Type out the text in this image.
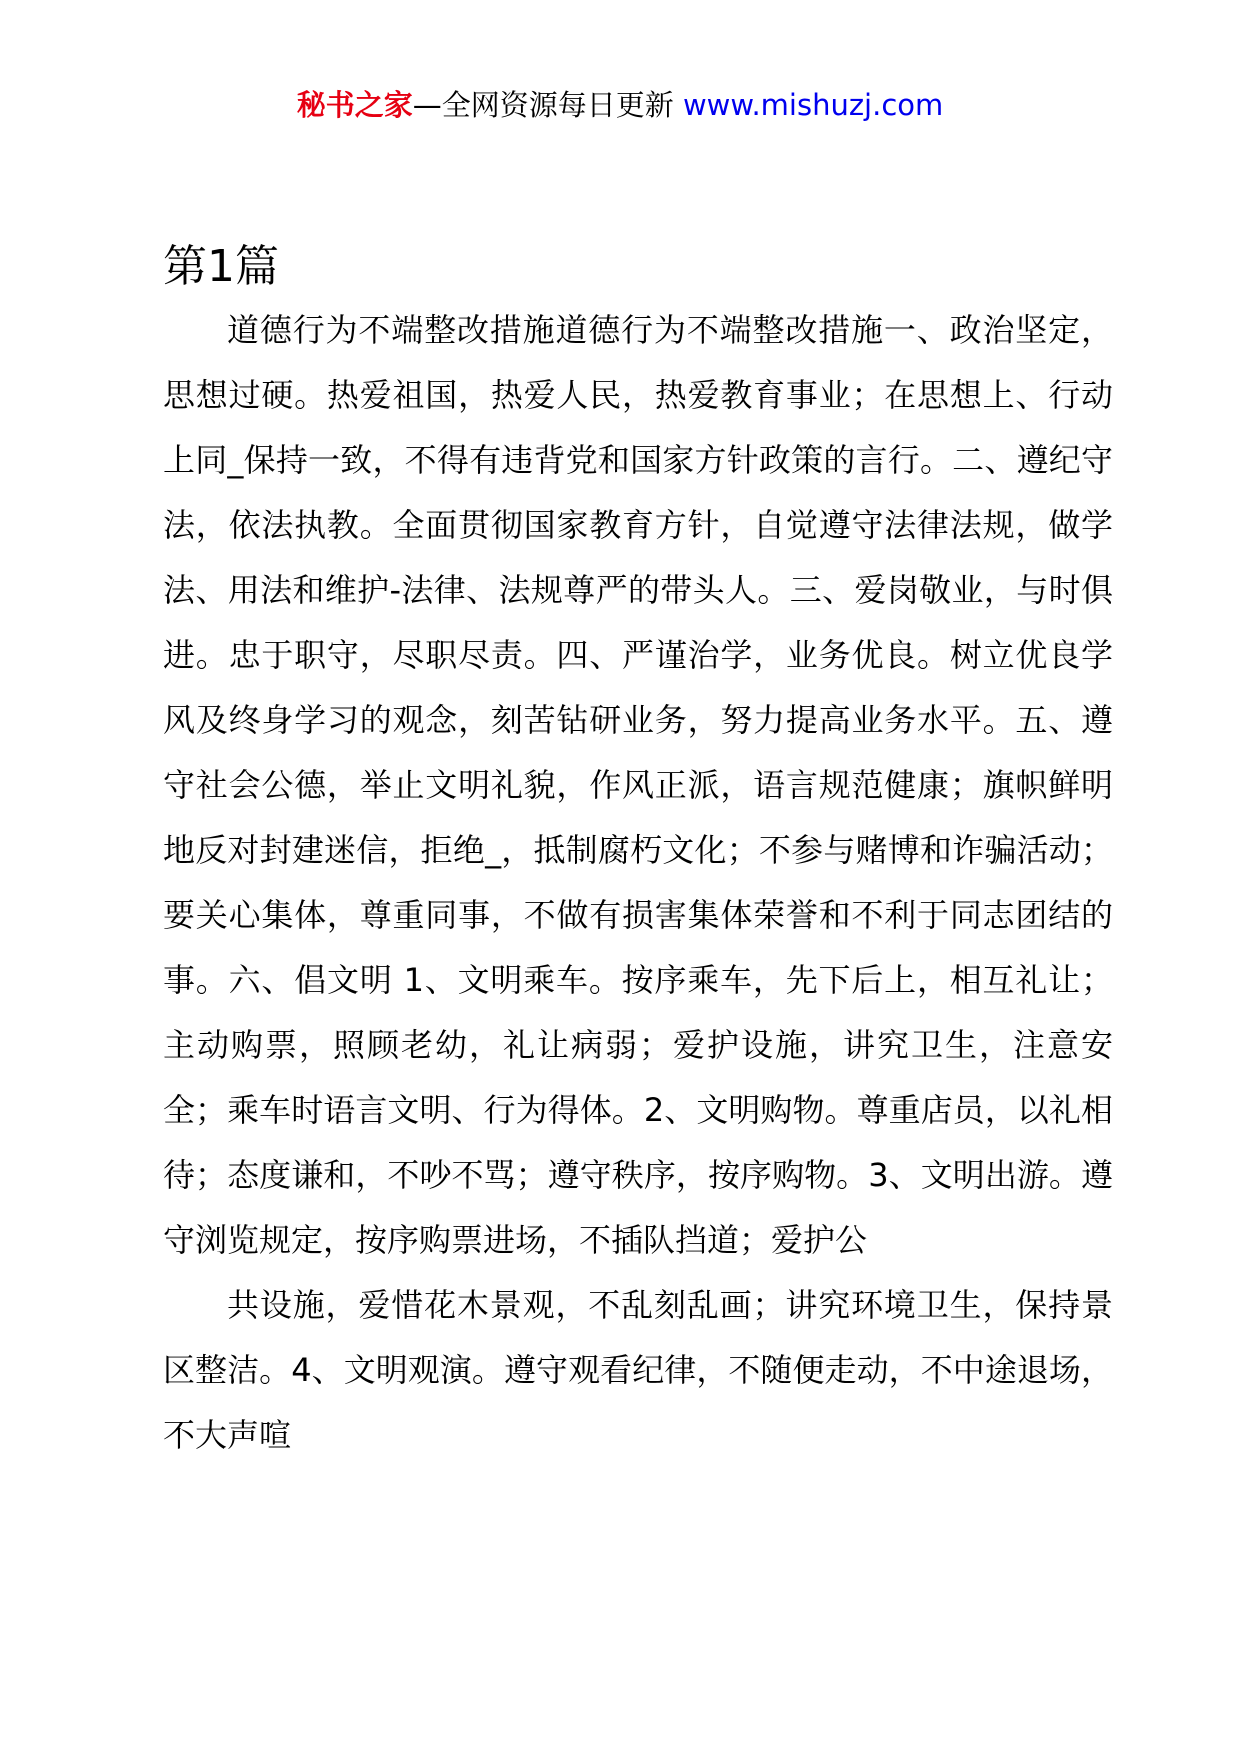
秘书之家—全网资源每日更新 www.mishuzj.com
第1篇

道德行为不端整改措施道德行为不端整改措施一、政治坚定，思想过硬。热爱祖国，热爱人民，热爱教育事业；在思想上、行动上同_保持一致，不得有违背党和国家方针政策的言行。二、遵纪守法，依法执教。全面贯彻国家教育方针，自觉遵守法律法规，做学法、用法和维护-法律、法规尊严的带头人。三、爱岗敬业，与时俱进。忠于职守，尽职尽责。四、严谨治学，业务优良。树立优良学风及终身学习的观念，刻苦钻研业务，努力提高业务水平。五、遵守社会公德，举止文明礼貌，作风正派，语言规范健康；旗帜鲜明地反对封建迷信，拒绝_，抵制腐朽文化；不参与赌博和诈骗活动；要关心集体，尊重同事，不做有损害集体荣誉和不利于同志团结的事。六、倡文明 1、文明乘车。按序乘车，先下后上，相互礼让；主动购票，照顾老幼，礼让病弱；爱护设施，讲究卫生，注意安全；乘车时语言文明、行为得体。2、文明购物。尊重店员，以礼相待；态度谦和，不吵不骂；遵守秩序，按序购物。3、文明出游。遵守浏览规定，按序购票进场，不插队挡道；爱护公

共设施，爱惜花木景观，不乱刻乱画；讲究环境卫生，保持景区整洁。4、文明观演。遵守观看纪律，不随便走动，不中途退场，不大声喧
